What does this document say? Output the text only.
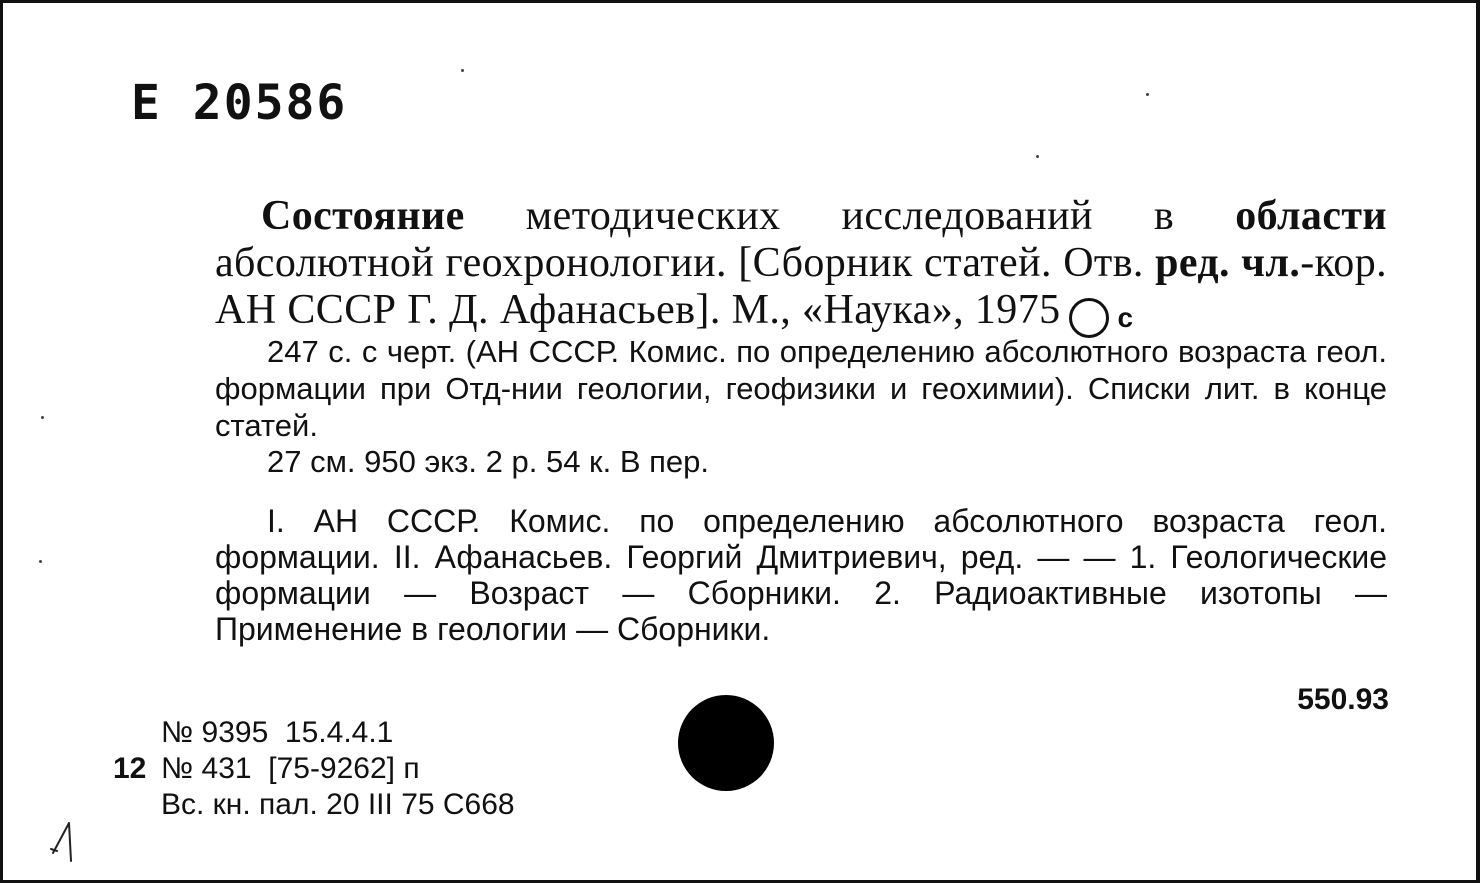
Е 20586

Состояние методических исследований в области абсолютной геохронологии. [Сборник статей. Отв. ред. чл.-кор. АН СССР Г. Д. Афанасьев]. М., «Наука», 1975 c

247 с. с черт. (АН СССР. Комис. по определению абсолютного возраста геол. формации при Отд-нии геологии, геофизики и геохимии). Списки лит. в конце статей.

27 см. 950 экз. 2 р. 54 к. В пер.

I. АН СССР. Комис. по определению абсолютного возраста геол. формации. II. Афанасьев. Георгий Дмитриевич, ред. — — 1. Геологические формации — Возраст — Сборники. 2. Радиоактивные изотопы — Применение в геологии — Сборники.

550.93
№ 9395  15.4.4.1
12 № 431  [75-9262] п
Вс. кн. пал. 20 III 75 С668
